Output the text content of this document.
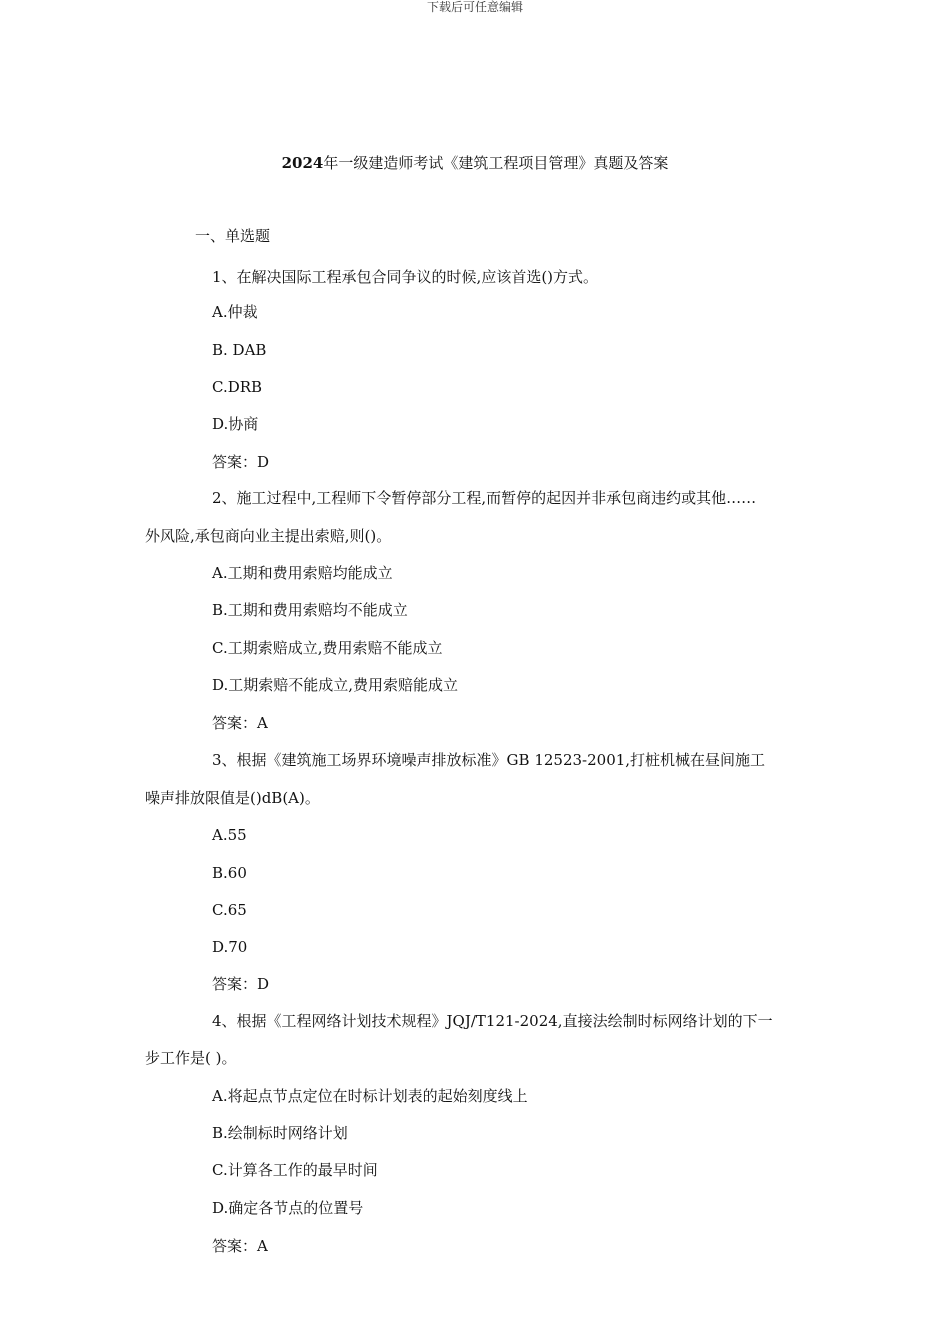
下载后可任意编辑
2024年一级建造师考试《建筑工程项目管理》真题及答案
一、单选题
1、在解决国际工程承包合同争议的时候,应该首选()方式。
A.仲裁
B. DAB
C.DRB
D.协商
答案：D
2、施工过程中,工程师下令暂停部分工程,而暂停的起因并非承包商违约或其他……
外风险,承包商向业主提出索赔,则()。
A.工期和费用索赔均能成立
B.工期和费用索赔均不能成立
C.工期索赔成立,费用索赔不能成立
D.工期索赔不能成立,费用索赔能成立
答案：A
3、根据《建筑施工场界环境噪声排放标准》GB 12523-2001,打桩机械在昼间施工
噪声排放限值是()dB(A)。
A.55
B.60
C.65
D.70
答案：D
4、根据《工程网络计划技术规程》JQJ/T121-2024,直接法绘制时标网络计划的下一
步工作是( )。
A.将起点节点定位在时标计划表的起始刻度线上
B.绘制标时网络计划
C.计算各工作的最早时间
D.确定各节点的位置号
答案：A
